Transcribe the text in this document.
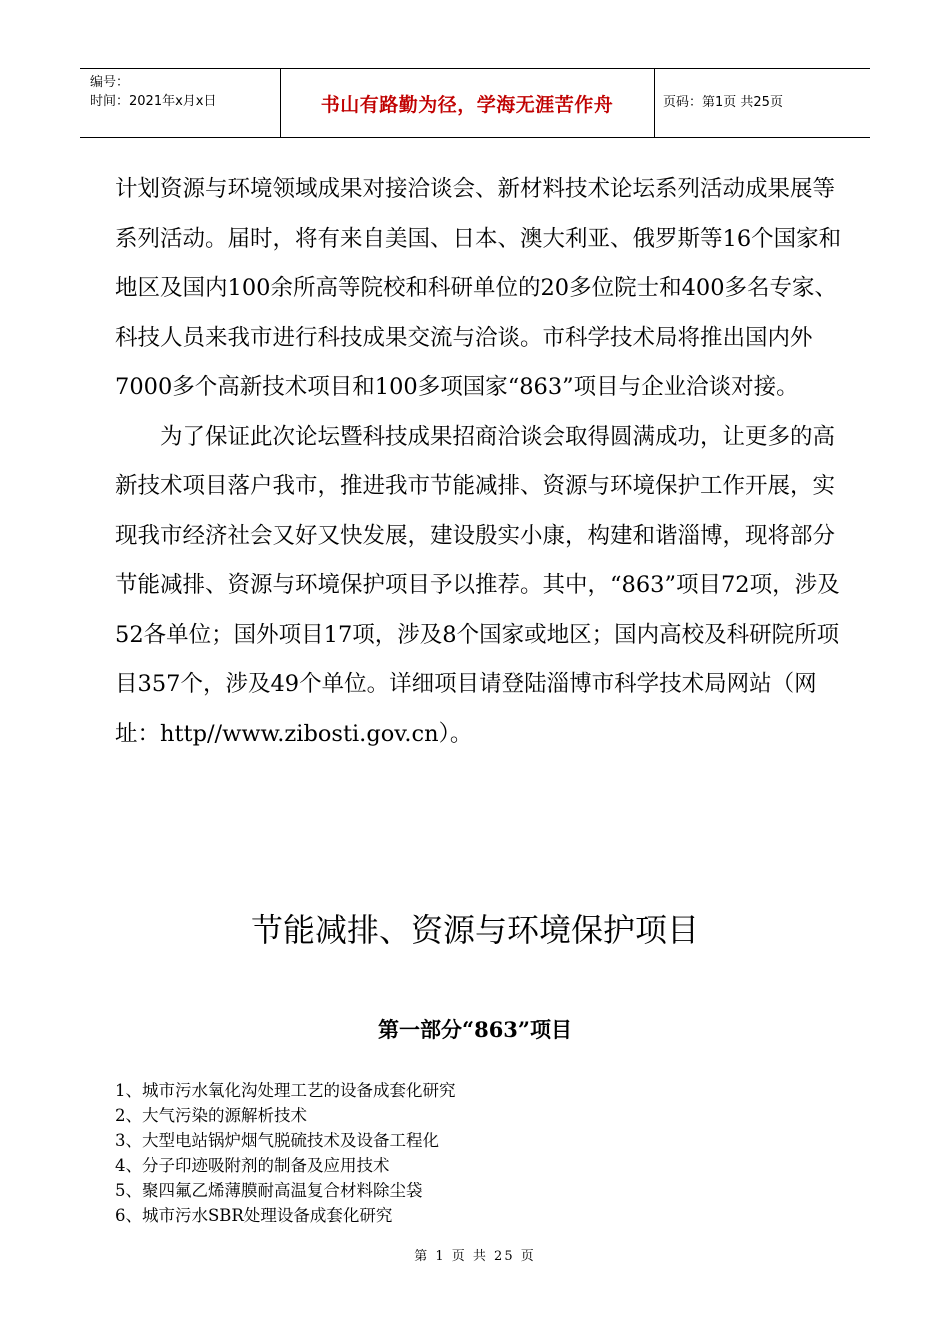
编号：
时间：2021年x月x日	书山有路勤为径，学海无涯苦作舟	页码：第1页 共25页

计划资源与环境领域成果对接洽谈会、新材料技术论坛系列活动成果展等系列活动。届时，将有来自美国、日本、澳大利亚、俄罗斯等16个国家和地区及国内100余所高等院校和科研单位的20多位院士和400多名专家、科技人员来我市进行科技成果交流与洽谈。市科学技术局将推出国内外7000多个高新技术项目和100多项国家“863”项目与企业洽谈对接。

为了保证此次论坛暨科技成果招商洽谈会取得圆满成功，让更多的高新技术项目落户我市，推进我市节能减排、资源与环境保护工作开展，实现我市经济社会又好又快发展，建设殷实小康，构建和谐淄博，现将部分节能减排、资源与环境保护项目予以推荐。其中，“863”项目72项，涉及52各单位；国外项目17项，涉及8个国家或地区；国内高校及科研院所项目357个，涉及49个单位。详细项目请登陆淄博市科学技术局网站（网址：http//www.zibosti.gov.cn）。

节能减排、资源与环境保护项目
第一部分“863”项目
1、城市污水氧化沟处理工艺的设备成套化研究
2、大气污染的源解析技术
3、大型电站锅炉烟气脱硫技术及设备工程化
4、分子印迹吸附剂的制备及应用技术
5、聚四氟乙烯薄膜耐高温复合材料除尘袋
6、城市污水SBR处理设备成套化研究
第 1 页 共 25 页
